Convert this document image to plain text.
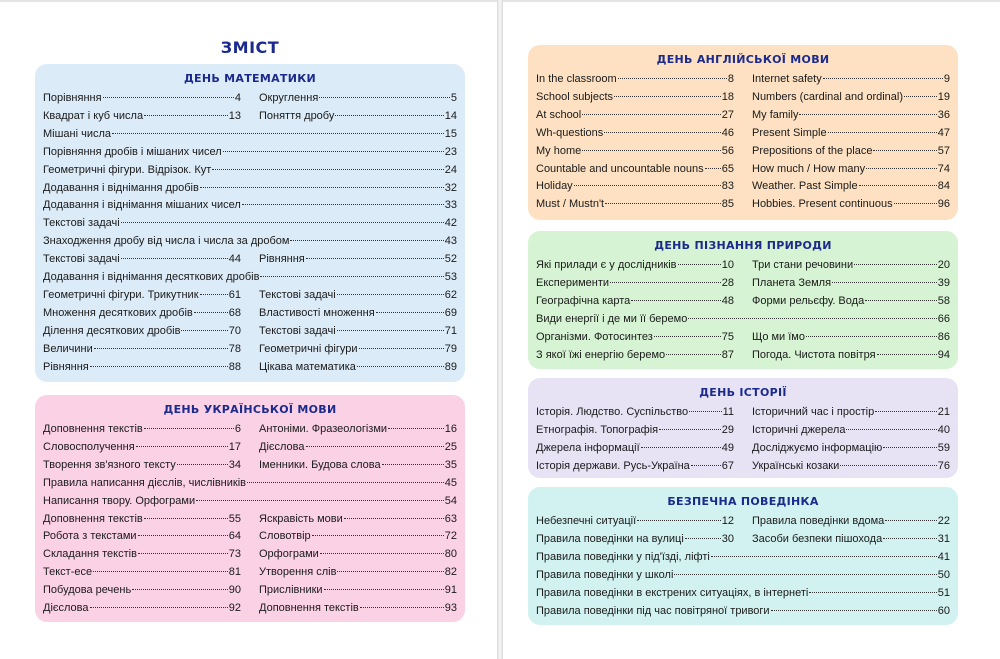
ЗМІСТ
ДЕНЬ МАТЕМАТИКИ
Порівняння	4 Округлення	5
Квадрат і куб числа	13 Поняття дробу	14
Мішані числа	15
Порівняння дробів і мішаних чисел	23
Геометричні фігури. Відрізок. Кут	24
Додавання і віднімання дробів	32
Додавання і віднімання мішаних чисел	33
Текстові задачі	42
Знаходження дробу від числа і числа за дробом	43
Текстові задачі	44 Рівняння	52
Додавання і віднімання десяткових дробів	53
Геометричні фігури. Трикутник	61 Текстові задачі	62
Множення десяткових дробів	68 Властивості множення	69
Ділення десяткових дробів	70 Текстові задачі	71
Величини	78 Геометричні фігури	79
Рівняння	88 Цікава математика	89
ДЕНЬ УКРАЇНСЬКОЇ МОВИ
Доповнення текстів	6 Антоніми. Фразеологізми	16
Словосполучення	17 Дієслова	25
Творення зв'язного тексту	34 Іменники. Будова слова	35
Правила написання дієслів, числівників	45
Написання твору. Орфограми	54
Доповнення текстів	55 Яскравість мови	63
Робота з текстами	64 Словотвір	72
Складання текстів	73 Орфограми	80
Текст-есе	81 Утворення слів	82
Побудова речень	90 Прислівники	91
Дієслова	92 Доповнення текстів	93
ДЕНЬ АНГЛІЙСЬКОЇ МОВИ
In the classroom	8 Internet safety	9
School subjects	18 Numbers (cardinal and ordinal)	19
At school	27 My family	36
Wh-questions	46 Present Simple	47
My home	56 Prepositions of the place	57
Countable and uncountable nouns 65 How much / How many	74
Holiday	83 Weather. Past Simple	84
Must / Mustn't	85 Hobbies. Present continuous	96
ДЕНЬ ПІЗНАННЯ ПРИРОДИ
Які прилади є у дослідників	10 Три стани речовини	20
Експерименти	28 Планета Земля	39
Географічна карта	48 Форми рельєфу. Вода	58
Види енергії і де ми її беремо	66
Організми. Фотосинтез	75 Що ми їмо	86
З якої їжі енергію беремо	87 Погода. Чистота повітря	94
ДЕНЬ ІСТОРІЇ
Історія. Людство. Суспільство	11 Історичний час і простір	21
Етнографія. Топографія	29 Історичні джерела	40
Джерела інформації	49 Досліджуємо інформацію	59
Історія держави. Русь-Україна	67 Українські козаки	76
БЕЗПЕЧНА ПОВЕДІНКА
Небезпечні ситуації	12 Правила поведінки вдома	22
Правила поведінки на вулиці	30 Засоби безпеки пішохода	31
Правила поведінки у під'їзді, ліфті	41
Правила поведінки у школі	50
Правила поведінки в екстрених ситуаціях, в інтернеті	51
Правила поведінки під час повітряної тривоги	60
